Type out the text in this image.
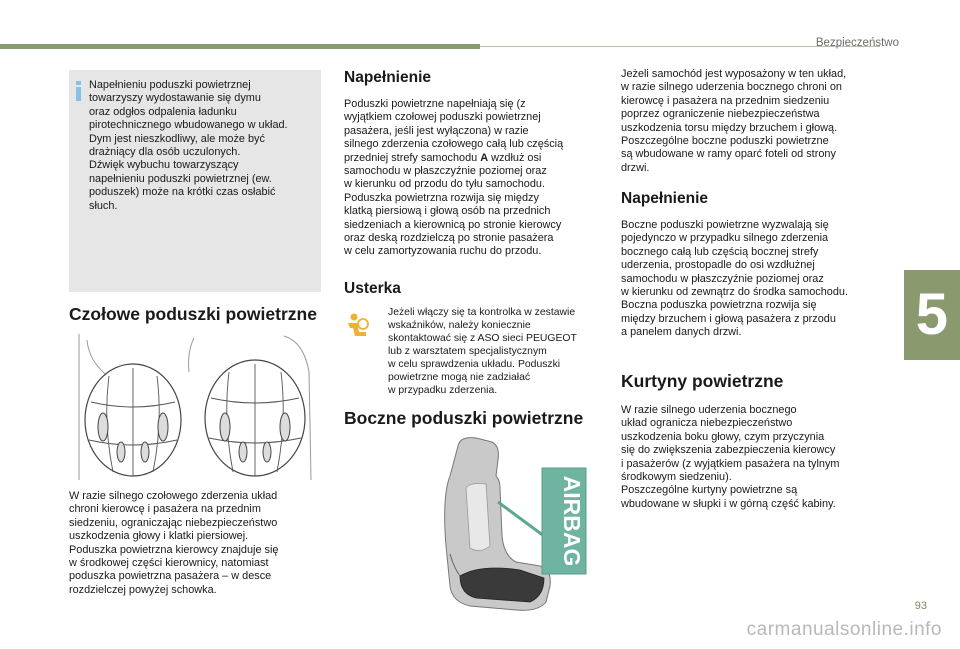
Bezpieczeństwo
5

Napełnieniu poduszki powietrznej
towarzyszy wydostawanie się dymu
oraz odgłos odpalenia ładunku
pirotechnicznego wbudowanego w układ.
Dym jest nieszkodliwy, ale może być
drażniący dla osób uczulonych.
Dźwięk wybuchu towarzyszący
napełnieniu poduszki powietrznej (ew.
poduszek) może na krótki czas osłabić
słuch.

Czołowe poduszki powietrzne

W razie silnego czołowego zderzenia układ
chroni kierowcę i pasażera na przednim
siedzeniu, ograniczając niebezpieczeństwo
uszkodzenia głowy i klatki piersiowej.
Poduszka powietrzna kierowcy znajduje się
w środkowej części kierownicy, natomiast
poduszka powietrzna pasażera – w desce
rozdzielczej powyżej schowka.

Napełnienie

Poduszki powietrzne napełniają się (z
wyjątkiem czołowej poduszki powietrznej
pasażera, jeśli jest wyłączona) w razie
silnego zderzenia czołowego całą lub częścią
przedniej strefy samochodu A wzdłuż osi
samochodu w płaszczyźnie poziomej oraz
w kierunku od przodu do tyłu samochodu.
Poduszka powietrzna rozwija się między
klatką piersiową i głową osób na przednich
siedzeniach a kierownicą po stronie kierowcy
oraz deską rozdzielczą po stronie pasażera
w celu zamortyzowania ruchu do przodu.

Usterka

Jeżeli włączy się ta kontrolka w zestawie
wskaźników, należy koniecznie
skontaktować się z ASO sieci PEUGEOT
lub z warsztatem specjalistycznym
w celu sprawdzenia układu. Poduszki
powietrzne mogą nie zadziałać
w przypadku zderzenia.

Boczne poduszki powietrzne
AIRBAG

Jeżeli samochód jest wyposażony w ten układ,
w razie silnego uderzenia bocznego chroni on
kierowcę i pasażera na przednim siedzeniu
poprzez ograniczenie niebezpieczeństwa
uszkodzenia torsu między brzuchem i głową.
Poszczególne boczne poduszki powietrzne
są wbudowane w ramy oparć foteli od strony
drzwi.

Napełnienie

Boczne poduszki powietrzne wyzwalają się
pojedynczo w przypadku silnego zderzenia
bocznego całą lub częścią bocznej strefy
uderzenia, prostopadle do osi wzdłużnej
samochodu w płaszczyźnie poziomej oraz
w kierunku od zewnątrz do środka samochodu.
Boczna poduszka powietrzna rozwija się
między brzuchem i głową pasażera z przodu
a panelem danych drzwi.

Kurtyny powietrzne

W razie silnego uderzenia bocznego
układ ogranicza niebezpieczeństwo
uszkodzenia boku głowy, czym przyczynia
się do zwiększenia zabezpieczenia kierowcy
i pasażerów (z wyjątkiem pasażera na tylnym
środkowym siedzeniu).
Poszczególne kurtyny powietrzne są
wbudowane w słupki i w górną część kabiny.

93
carmanualsonline.info
